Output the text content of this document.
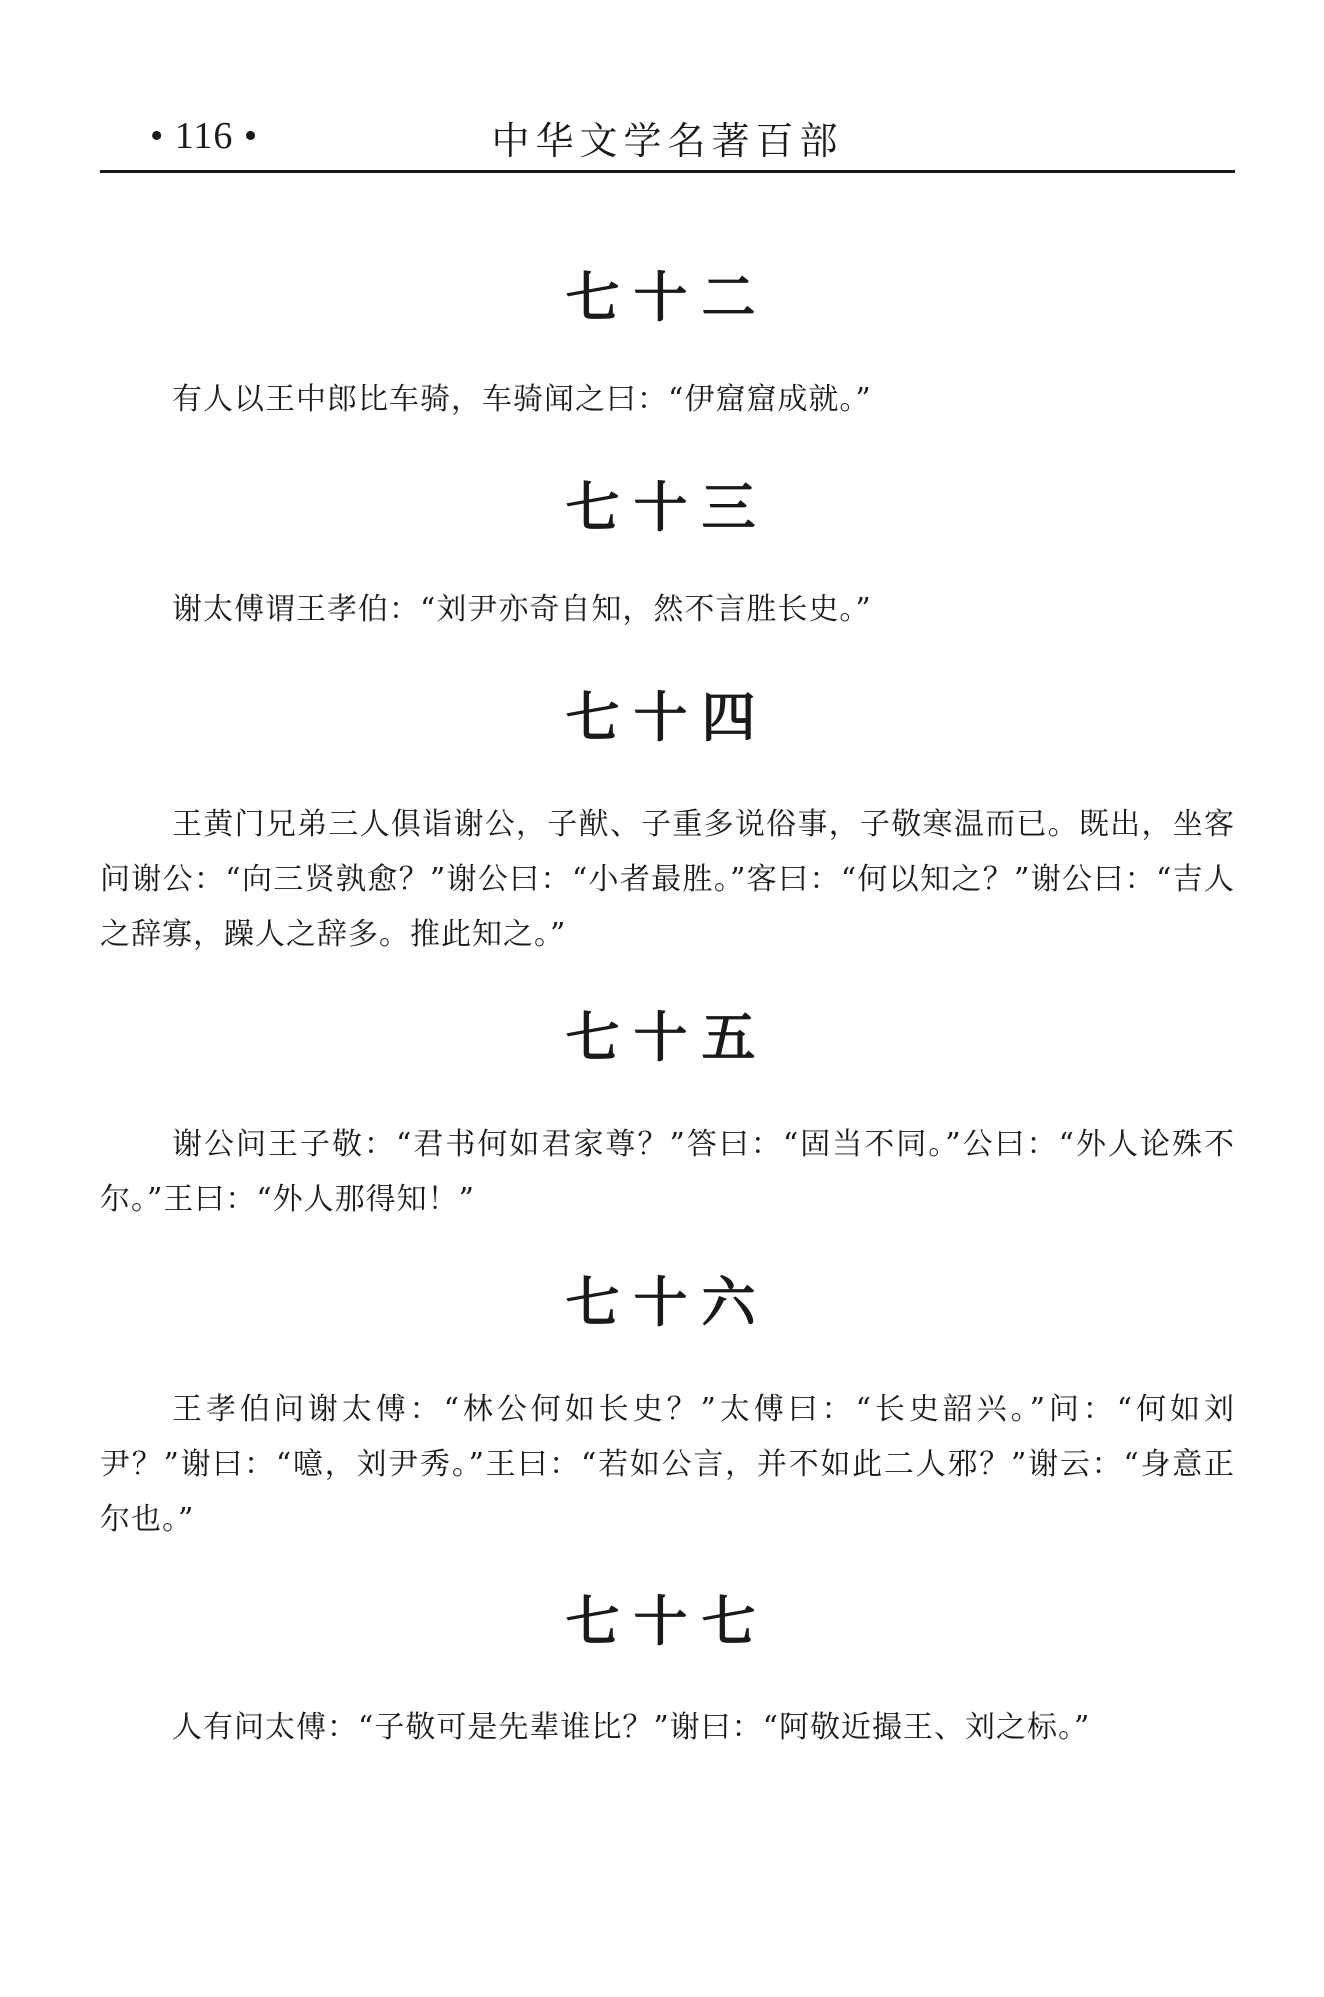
• 116 •	中华文学名著百部
七十二
有人以王中郎比车骑，车骑闻之曰：“伊窟窟成就。”
七十三
谢太傅谓王孝伯：“刘尹亦奇自知，然不言胜长史。”
七十四
王黄门兄弟三人俱诣谢公，子猷、子重多说俗事，子敬寒温而已。既出，坐客问谢公：“向三贤孰愈？”谢公曰：“小者最胜。”客曰：“何以知之？”谢公曰：“吉人之辞寡，躁人之辞多。推此知之。”
七十五
谢公问王子敬：“君书何如君家尊？”答曰：“固当不同。”公曰：“外人论殊不尔。”王曰：“外人那得知！”
七十六
王孝伯问谢太傅：“林公何如长史？”太傅曰：“长史韶兴。”问：“何如刘尹？”谢曰：“噫，刘尹秀。”王曰：“若如公言，并不如此二人邪？”谢云：“身意正尔也。”
七十七
人有问太傅：“子敬可是先辈谁比？”谢曰：“阿敬近撮王、刘之标。”
